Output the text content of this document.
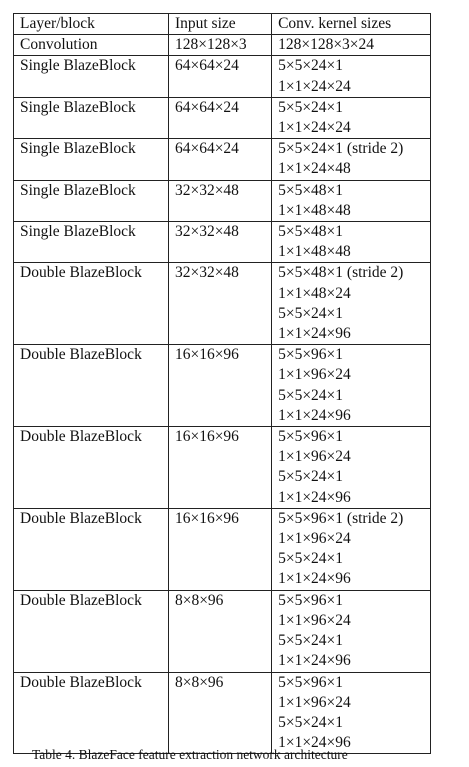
Layer/block	Input size	Conv. kernel sizes
Convolution	128×128×3	128×128×3×24

Single BlazeBlock	64×64×24	5×5×24×1
1×1×24×24

Single BlazeBlock	64×64×24	5×5×24×1
1×1×24×24

Single BlazeBlock	64×64×24	5×5×24×1 (stride 2)
1×1×24×48

Single BlazeBlock	32×32×48	5×5×48×1
1×1×48×48

Single BlazeBlock	32×32×48	5×5×48×1
1×1×48×48

Double BlazeBlock	32×32×48	5×5×48×1 (stride 2)
1×1×48×24
5×5×24×1
1×1×24×96

Double BlazeBlock	16×16×96	5×5×96×1
1×1×96×24
5×5×24×1
1×1×24×96

Double BlazeBlock	16×16×96	5×5×96×1
1×1×96×24
5×5×24×1
1×1×24×96

Double BlazeBlock	16×16×96	5×5×96×1 (stride 2)
1×1×96×24
5×5×24×1
1×1×24×96

Double BlazeBlock	8×8×96	5×5×96×1
1×1×96×24
5×5×24×1
1×1×24×96

Double BlazeBlock	8×8×96	5×5×96×1
1×1×96×24
5×5×24×1
1×1×24×96
Table 4. BlazeFace feature extraction network architecture
